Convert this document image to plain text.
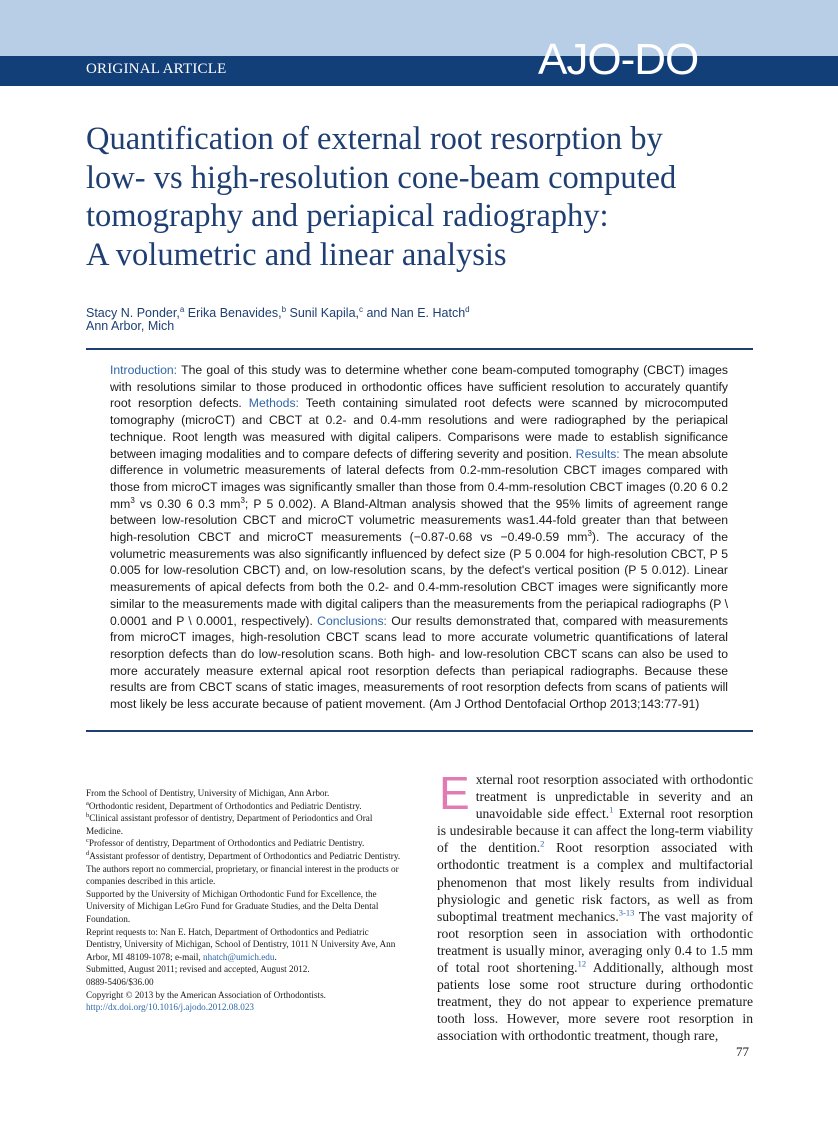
ORIGINAL ARTICLE	AJO-DO
Quantification of external root resorption by
low- vs high-resolution cone-beam computed
tomography and periapical radiography:
A volumetric and linear analysis
Stacy N. Ponder,$^a$ Erika Benavides,$^b$ Sunil Kapila,$^c$ and Nan E. Hatch$^d$
Ann Arbor, Mich

Introduction: The goal of this study was to determine whether cone beam-computed tomography (CBCT) images with resolutions similar to those produced in orthodontic offices have sufficient resolution to accurately quantify root resorption defects. Methods: Teeth containing simulated root defects were scanned by microcomputed tomography (microCT) and CBCT at 0.2- and 0.4-mm resolutions and were radiographed by the periapical technique. Root length was measured with digital calipers. Comparisons were made to establish significance between imaging modalities and to compare defects of differing severity and position. Results: The mean absolute difference in volumetric measurements of lateral defects from 0.2-mm-resolution CBCT images compared with those from microCT images was significantly smaller than those from 0.4-mm-resolution CBCT images (0.20 6 0.2 $mm^3$ vs 0.30 6 0.3 $mm^3$; P 5 0.002). A Bland-Altman analysis showed that the 95% limits of agreement range between low-resolution CBCT and microCT volumetric measurements was1.44-fold greater than that between high-resolution CBCT and microCT measurements (−0.87-0.68 vs −0.49-0.59 $mm^3$). The accuracy of the volumetric measurements was also significantly influenced by defect size (P 5 0.004 for high-resolution CBCT, P 5 0.005 for low-resolution CBCT) and, on low-resolution scans, by the defect's vertical position (P 5 0.012). Linear measurements of apical defects from both the 0.2- and 0.4-mm-resolution CBCT images were significantly more similar to the measurements made with digital calipers than the measurements from the periapical radiographs (P \ 0.0001 and P \ 0.0001, respectively). Conclusions: Our results demonstrated that, compared with measurements from microCT images, high-resolution CBCT scans lead to more accurate volumetric quantifications of lateral resorption defects than do low-resolution scans. Both high- and low-resolution CBCT scans can also be used to more accurately measure external apical root resorption defects than periapical radiographs. Because these results are from CBCT scans of static images, measurements of root resorption defects from scans of patients will most likely be less accurate because of patient movement. (Am J Orthod Dentofacial Orthop 2013;143:77-91)

From the School of Dentistry, University of Michigan, Ann Arbor.

$^a$Orthodontic resident, Department of Orthodontics and Pediatric Dentistry.

$^b$Clinical assistant professor of dentistry, Department of Periodontics and Oral Medicine.

$^c$Professor of dentistry, Department of Orthodontics and Pediatric Dentistry.

$^d$Assistant professor of dentistry, Department of Orthodontics and Pediatric Dentistry.

The authors report no commercial, proprietary, or financial interest in the products or companies described in this article.

Supported by the University of Michigan Orthodontic Fund for Excellence, the University of Michigan LeGro Fund for Graduate Studies, and the Delta Dental Foundation.

Reprint requests to: Nan E. Hatch, Department of Orthodontics and Pediatric Dentistry, University of Michigan, School of Dentistry, 1011 N University Ave, Ann Arbor, MI 48109-1078; e-mail, nhatch@umich.edu.

Submitted, August 2011; revised and accepted, August 2012.

0889-5406/$36.00

Copyright © 2013 by the American Association of Orthodontists.

http://dx.doi.org/10.1016/j.ajodo.2012.08.023

External root resorption associated with orthodontic treatment is unpredictable in severity and an unavoidable side effect.$^1$ External root resorption is undesirable because it can affect the long-term viability of the dentition.$^2$ Root resorption associated with orthodontic treatment is a complex and multifactorial phenomenon that most likely results from individual physiologic and genetic risk factors, as well as from suboptimal treatment mechanics.$^{3-13}$ The vast majority of root resorption seen in association with orthodontic treatment is usually minor, averaging only 0.4 to 1.5 mm of total root shortening.$^{12}$ Additionally, although most patients lose some root structure during orthodontic treatment, they do not appear to experience premature tooth loss. However, more severe root resorption in association with orthodontic treatment, though rare,

77
